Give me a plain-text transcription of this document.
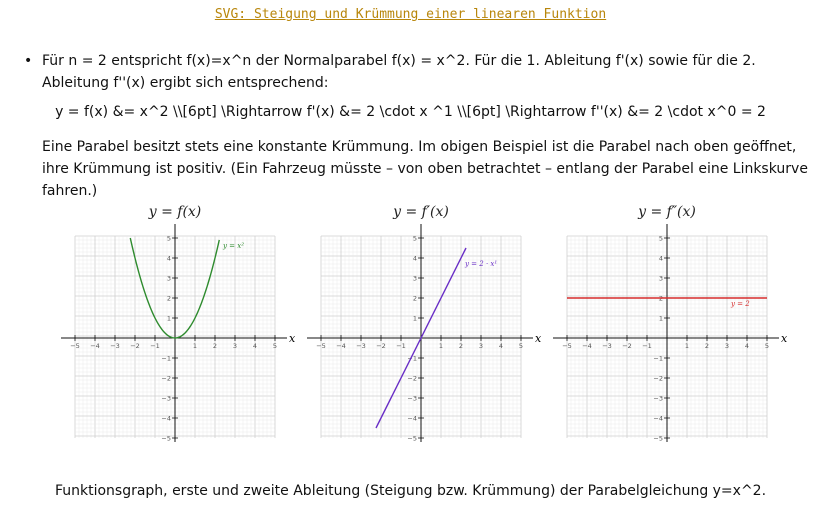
SVG: Steigung und Krümmung einer linearen Funktion
• Für n = 2 entspricht f(x)=x^n der Normalparabel f(x) = x^2. Für die 1. Ableitung f'(x) sowie für die 2. Ableitung f''(x) ergibt sich entsprechend:
y = f(x) &= x^2 \\[6pt] \Rightarrow f'(x) &= 2 \cdot x ^1 \\[6pt] \Rightarrow f''(x) &= 2 \cdot x^0 = 2
Eine Parabel besitzt stets eine konstante Krümmung. Im obigen Beispiel ist die Parabel nach oben geöffnet, ihre Krümmung ist positiv. (Ein Fahrzeug müsste – von oben betrachtet – entlang der Parabel eine Linkskurve fahren.)
y = f(x)
x
−5 −4 −3 −2 −1	1 2 3 4 5
−5
−4
−3
−2
−1
1
2
3
4
5
y = x²
y = f′(x)
x
−5 −4 −3 −2 −1	1 2 3 4 5
−5
−4
−3
−2
−1
1
2
3
4
5
y = 2 · x¹
y = f″(x)
x
−5 −4 −3 −2 −1	1 2 3 4 5
−5
−4
−3
−2
−1
1
2
3
4
5
y = 2
Funktionsgraph, erste und zweite Ableitung (Steigung bzw. Krümmung) der Parabelgleichung y=x^2.
